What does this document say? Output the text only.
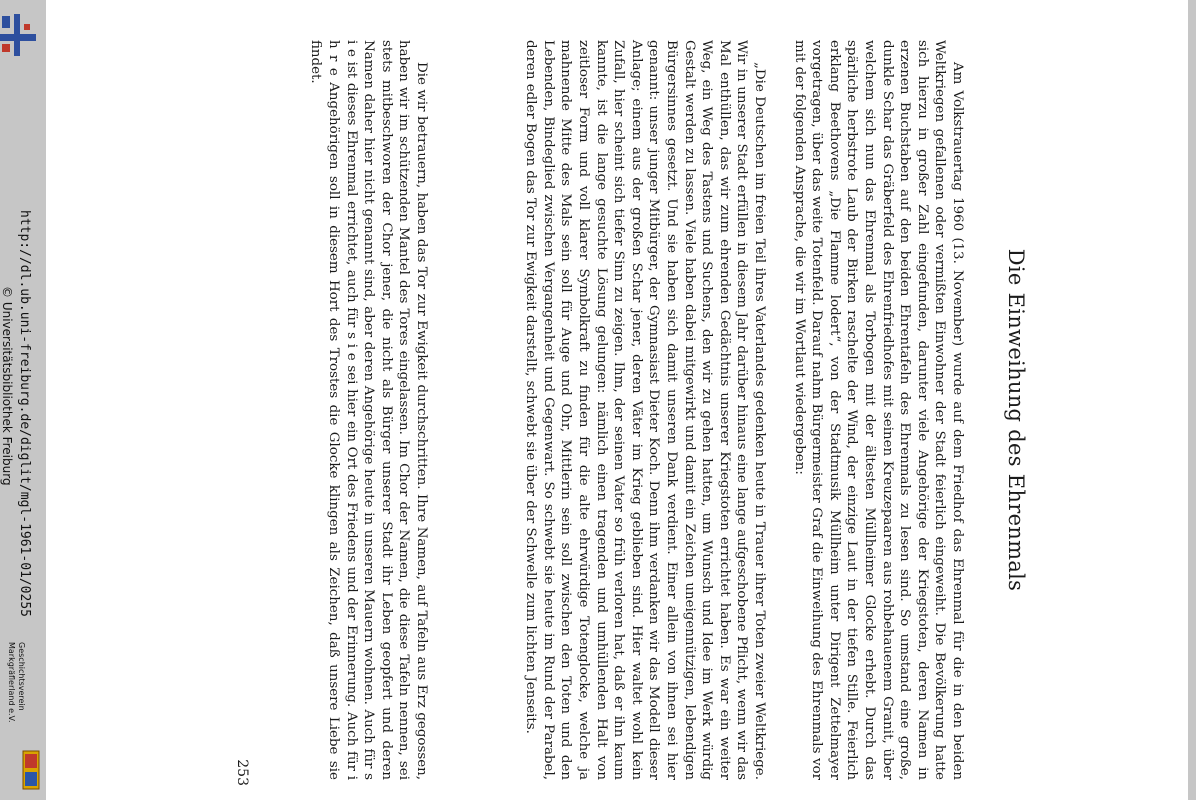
http://dl.ub.uni-freiburg.de/diglit/mgl-1961-01/0255
© Universitätsbibliothek Freiburg
Geschichtsverein
Markgräflerland e.V.
Die Einweihung des Ehrenmals

Am Volkstrauertag 1960 (13. November) wurde auf dem Friedhof das Ehrenmal für die in den beiden Weltkriegen gefallenen oder vermißten Einwohner der Stadt feierlich eingeweiht. Die Bevölkerung hatte sich hierzu in großer Zahl eingefunden, darunter viele Angehörige der Kriegstoten, deren Namen in erzenen Buchstaben auf den beiden Ehrentafeln des Ehrenmals zu lesen sind. So umstand eine große, dunkle Schar das Gräberfeld des Ehrenfriedhofes mit seinen Kreuzepaaren aus rohbehauenem Granit, über welchem sich nun das Ehrenmal als Torbogen mit der ältesten Müllheimer Glocke erhebt. Durch das spärliche herbstrote Laub der Birken raschelte der Wind, der einzige Laut in der tiefen Stille. Feierlich erklang Beethovens „Die Flamme lodert“, von der Stadtmusik Müllheim unter Dirigent Zettelmayer vorgetragen, über das weite Totenfeld. Darauf nahm Bürgermeister Graf die Einweihung des Ehrenmals vor mit der folgenden Ansprache, die wir im Wortlaut wiedergeben:

„Die Deutschen im freien Teil ihres Vaterlandes gedenken heute in Trauer ihrer Toten zweier Weltkriege. Wir in unserer Stadt erfüllen in diesem Jahr darüber hinaus eine lange aufgeschobene Pflicht, wenn wir das Mal enthüllen, das wir zum ehrenden Gedächtnis unserer Kriegstoten errichtet haben. Es war ein weiter Weg, ein Weg des Tastens und Suchens, den wir zu gehen hatten, um Wunsch und Idee im Werk würdig Gestalt werden zu lassen. Viele haben dabei mitgewirkt und damit ein Zeichen uneigennützigen, lebendigen Bürgersinnes gesetzt. Und sie haben sich damit unseren Dank verdient. Einer allein von ihnen sei hier genannt: unser junger Mitbürger, der Gymnasiast Dieter Koch. Denn ihm verdanken wir das Modell dieser Anlage; einem aus der großen Schar jener, deren Väter im Krieg geblieben sind. Hier waltet wohl kein Zufall, hier scheint sich tiefer Sinn zu zeigen. Ihm, der seinen Vater so früh verloren hat, daß er ihn kaum kannte, ist die lange gesuchte Lösung gelungen: nämlich einen tragenden und umhüllenden Halt von zeitloser Form und voll klarer Symbolkraft zu finden für die alte ehrwürdige Totenglocke, welche ja mahnende Mitte des Mals sein soll für Auge und Ohr, Mittlerin sein soll zwischen den Toten und den Lebenden, Bindeglied zwischen Vergangenheit und Gegenwart. So schwebt sie heute im Rund der Parabel, deren edler Bogen das Tor zur Ewigkeit darstellt, schwebt sie über der Schwelle zum lichten Jenseits.

Die wir betrauern, haben das Tor zur Ewigkeit durchschritten. Ihre Namen, auf Tafeln aus Erz gegossen, haben wir im schützenden Mantel des Tores eingelassen. Im Chor der Namen, die diese Tafeln nennen, sei stets mitbeschworen der Chor jener, die nicht als Bürger unserer Stadt ihr Leben geopfert und deren Namen daher hier nicht genannt sind, aber deren Angehörige heute in unseren Mauern wohnen. Auch für s i e ist dieses Ehrenmal errichtet, auch für s i e sei hier ein Ort des Friedens und der Erinnerung. Auch für i h r e Angehörigen soll in diesem Hort des Trostes die Glocke klingen als Zeichen, daß unsere Liebe sie findet.

253
